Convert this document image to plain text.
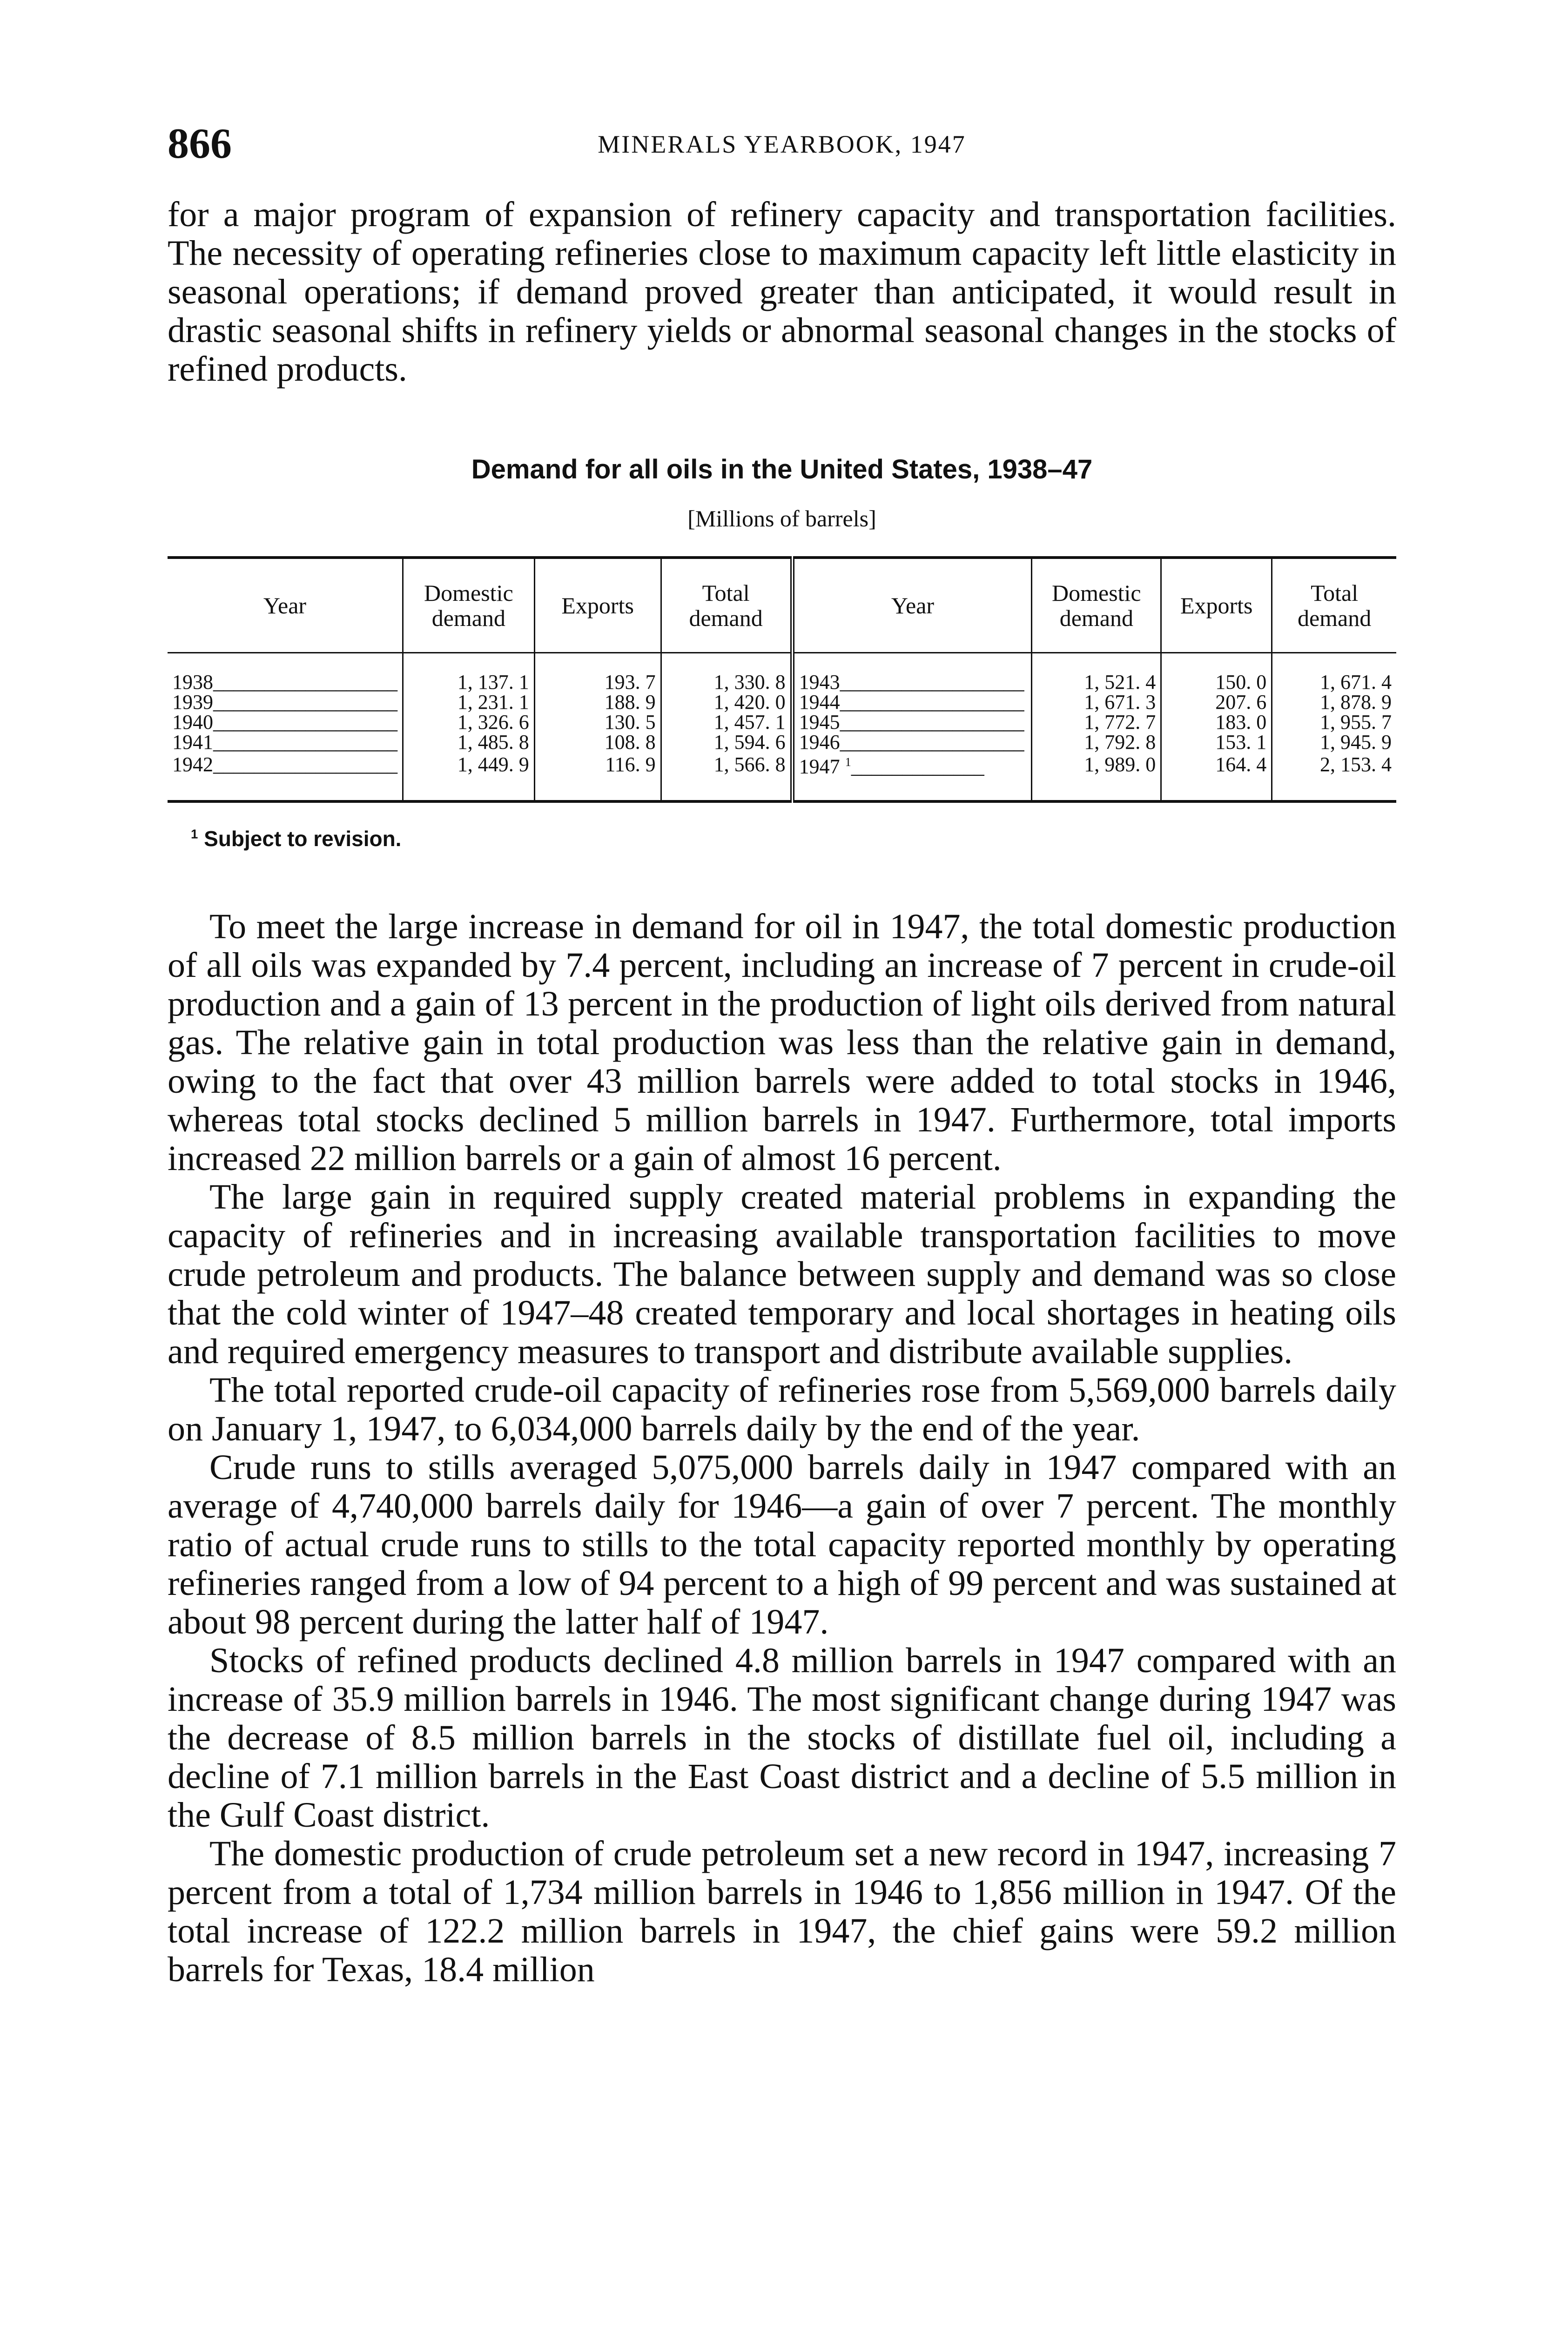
866	MINERALS YEARBOOK, 1947

for a major program of expansion of refinery capacity and transportation facilities. The necessity of operating refineries close to maximum capacity left little elasticity in seasonal operations; if demand proved greater than anticipated, it would result in drastic seasonal shifts in refinery yields or abnormal seasonal changes in the stocks of refined products.

Demand for all oils in the United States, 1938–47
[Millions of barrels]
Year	Domestic demand	Exports	Total demand	Year	Domestic demand	Exports	Total demand
1938__________________	1, 137. 1	193. 7	1, 330. 8	1943__________________	1, 521. 4	150. 0	1, 671. 4
1939__________________	1, 231. 1	188. 9	1, 420. 0	1944__________________	1, 671. 3	207. 6	1, 878. 9
1940__________________	1, 326. 6	130. 5	1, 457. 1	1945__________________	1, 772. 7	183. 0	1, 955. 7
1941__________________	1, 485. 8	108. 8	1, 594. 6	1946__________________	1, 792. 8	153. 1	1, 945. 9
1942__________________	1, 449. 9	116. 9	1, 566. 8	1947 $^1$_____________	1, 989. 0	164. 4	2, 153. 4
$^1$ Subject to revision.

To meet the large increase in demand for oil in 1947, the total domestic production of all oils was expanded by 7.4 percent, including an increase of 7 percent in crude-oil production and a gain of 13 percent in the production of light oils derived from natural gas. The relative gain in total production was less than the relative gain in demand, owing to the fact that over 43 million barrels were added to total stocks in 1946, whereas total stocks declined 5 million barrels in 1947. Furthermore, total imports increased 22 million barrels or a gain of almost 16 percent.

The large gain in required supply created material problems in expanding the capacity of refineries and in increasing available transportation facilities to move crude petroleum and products. The balance between supply and demand was so close that the cold winter of 1947–48 created temporary and local shortages in heating oils and required emergency measures to transport and distribute available supplies.

The total reported crude-oil capacity of refineries rose from 5,569,000 barrels daily on January 1, 1947, to 6,034,000 barrels daily by the end of the year.

Crude runs to stills averaged 5,075,000 barrels daily in 1947 compared with an average of 4,740,000 barrels daily for 1946—a gain of over 7 percent. The monthly ratio of actual crude runs to stills to the total capacity reported monthly by operating refineries ranged from a low of 94 percent to a high of 99 percent and was sustained at about 98 percent during the latter half of 1947.

Stocks of refined products declined 4.8 million barrels in 1947 compared with an increase of 35.9 million barrels in 1946. The most significant change during 1947 was the decrease of 8.5 million barrels in the stocks of distillate fuel oil, including a decline of 7.1 million barrels in the East Coast district and a decline of 5.5 million in the Gulf Coast district.

The domestic production of crude petroleum set a new record in 1947, increasing 7 percent from a total of 1,734 million barrels in 1946 to 1,856 million in 1947. Of the total increase of 122.2 million barrels in 1947, the chief gains were 59.2 million barrels for Texas, 18.4 million
